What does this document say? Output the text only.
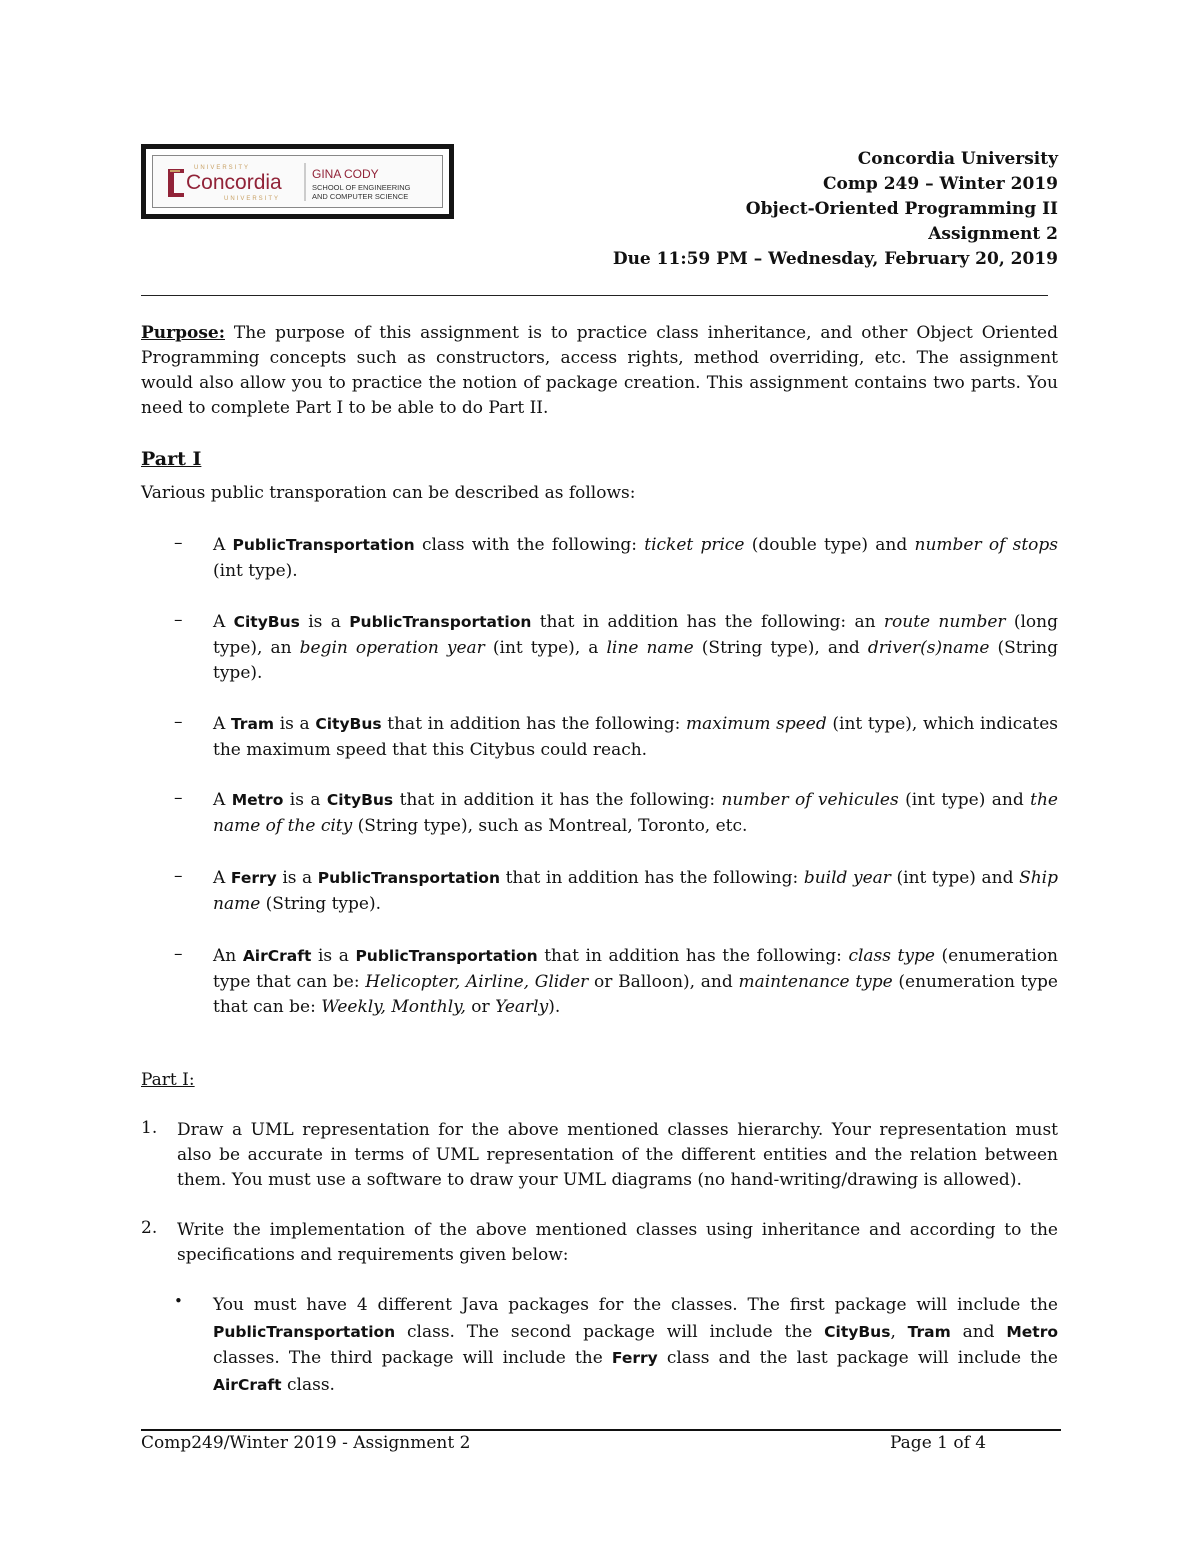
UNIVERSITY
Concordia
UNIVERSITY
GINA CODY
SCHOOL OF ENGINEERING
AND COMPUTER SCIENCE
Concordia University
Comp 249 – Winter 2019
Object-Oriented Programming II
Assignment 2
Due 11:59 PM – Wednesday, February 20, 2019

Purpose: The purpose of this assignment is to practice class inheritance, and other Object Oriented Programming concepts such as constructors, access rights, method overriding, etc. The assignment would also allow you to practice the notion of package creation. This assignment contains two parts. You need to complete Part I to be able to do Part II.

Part I
Various public transporation can be described as follows:
– A PublicTransportation class with the following: ticket price (double type) and number of stops (int type).
– A CityBus is a PublicTransportation that in addition has the following: an route number (long type), an begin operation year (int type), a line name (String type), and driver(s)name (String type).
– A Tram is a CityBus that in addition has the following: maximum speed (int type), which indicates the maximum speed that this Citybus could reach.
– A Metro is a CityBus that in addition it has the following: number of vehicules (int type) and the name of the city (String type), such as Montreal, Toronto, etc.
– A Ferry is a PublicTransportation that in addition has the following: build year (int type) and Ship name (String type).
– An AirCraft is a PublicTransportation that in addition has the following: class type (enumeration type that can be: Helicopter, Airline, Glider or Balloon), and maintenance type (enumeration type that can be: Weekly, Monthly, or Yearly).
Part I:
1. Draw a UML representation for the above mentioned classes hierarchy. Your representation must also be accurate in terms of UML representation of the different entities and the relation between them. You must use a software to draw your UML diagrams (no hand-writing/drawing is allowed).
2. Write the implementation of the above mentioned classes using inheritance and according to the specifications and requirements given below:
• You must have 4 different Java packages for the classes. The first package will include the PublicTransportation class. The second package will include the CityBus, Tram and Metro classes. The third package will include the Ferry class and the last package will include the AirCraft class.
Comp249/Winter 2019 - Assignment 2	Page 1 of 4
